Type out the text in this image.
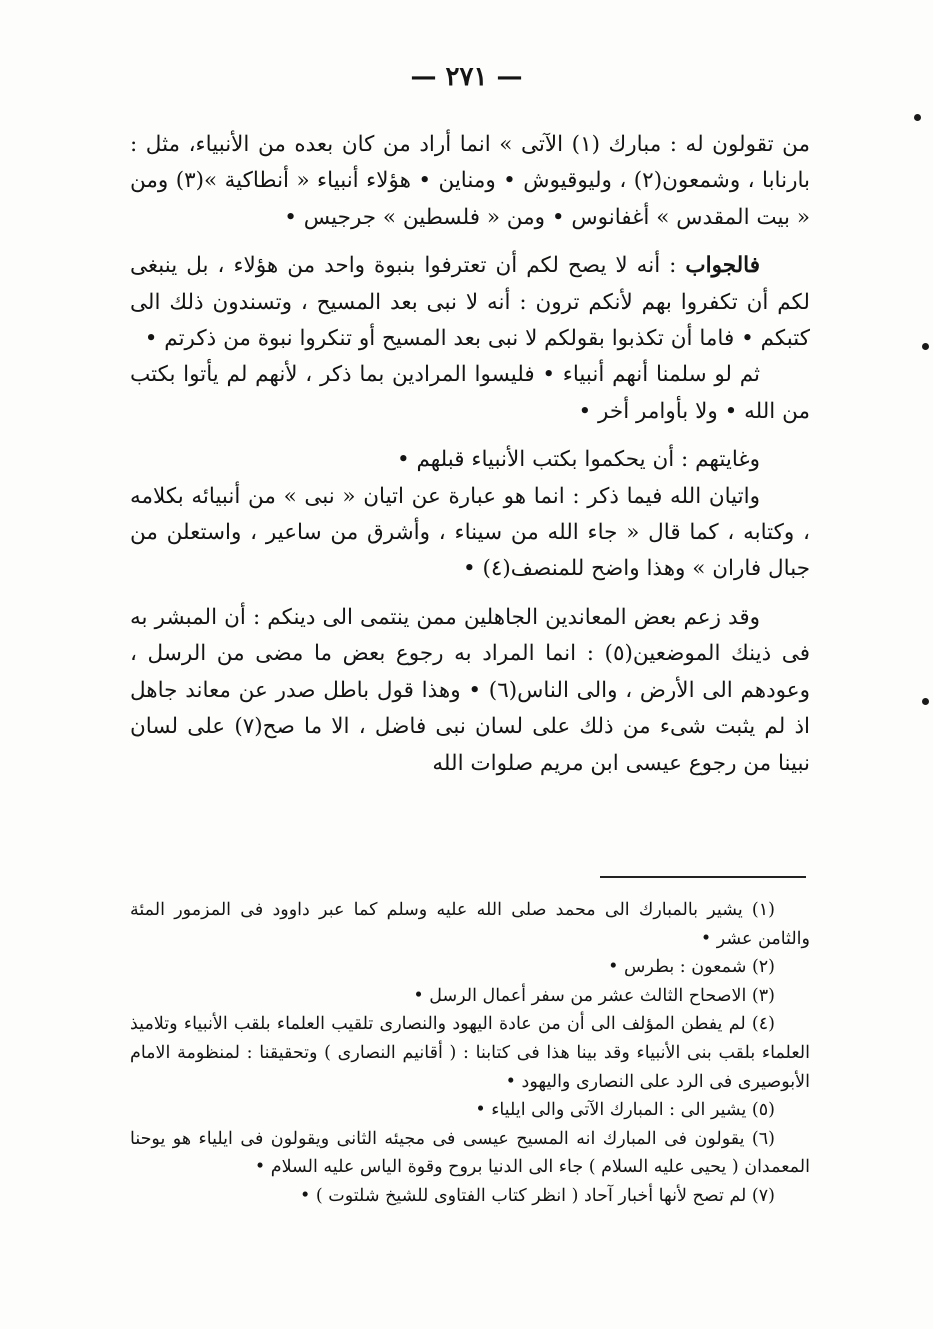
— ٢٧١ —

من تقولون له : مبارك (١) الآتى » انما أراد من كان بعده من الأنبياء، مثل : بارنابا ، وشمعون(٢) ، وليوقيوش • ومناين • هؤلاء أنبياء « أنطاكية »(٣) ومن « بيت المقدس » أغفانوس • ومن « فلسطين » جرجيس •

فالجواب : أنه لا يصح لكم أن تعترفوا بنبوة واحد من هؤلاء ، بل ينبغى لكم أن تكفروا بهم لأنكم ترون : أنه لا نبى بعد المسيح ، وتسندون ذلك الى كتبكم • فاما أن تكذبوا بقولكم لا نبى بعد المسيح أو تنكروا نبوة من ذكرتم •

ثم لو سلمنا أنهم أنبياء • فليسوا المرادين بما ذكر ، لأنهم لم يأتوا بكتب من الله • ولا بأوامر أخر •

وغايتهم : أن يحكموا بكتب الأنبياء قبلهم •

واتيان الله فيما ذكر : انما هو عبارة عن اتيان « نبى » من أنبيائه بكلامه ، وكتابه ، كما قال « جاء الله من سيناء ، وأشرق من ساعير ، واستعلن من جبال فاران » وهذا واضح للمنصف(٤) •

وقد زعم بعض المعاندين الجاهلين ممن ينتمى الى دينكم : أن المبشر به فى ذينك الموضعين(٥) : انما المراد به رجوع بعض ما مضى من الرسل ، وعودهم الى الأرض ، والى الناس(٦) • وهذا قول باطل صدر عن معاند جاهل اذ لم يثبت شىء من ذلك على لسان نبى فاضل ، الا ما صح(٧) على لسان نبينا من رجوع عيسى ابن مريم صلوات الله

(١) يشير بالمبارك الى محمد صلى الله عليه وسلم كما عبر داوود فى المزمور المئة والثامن عشر •

(٢) شمعون : بطرس •

(٣) الاصحاح الثالث عشر من سفر أعمال الرسل •

(٤) لم يفطن المؤلف الى أن من عادة اليهود والنصارى تلقيب العلماء بلقب الأنبياء وتلاميذ العلماء بلقب بنى الأنبياء وقد بينا هذا فى كتابنا : ( أقانيم النصارى ) وتحقيقنا : لمنظومة الامام الأبوصيرى فى الرد على النصارى واليهود •

(٥) يشير الى : المبارك الآتى والى ايلياء •

(٦) يقولون فى المبارك انه المسيح عيسى فى مجيئه الثانى ويقولون فى ايلياء هو يوحنا المعمدان ( يحيى عليه السلام ) جاء الى الدنيا بروح وقوة الياس عليه السلام •

(٧) لم تصح لأنها أخبار آحاد ( انظر كتاب الفتاوى للشيخ شلتوت ) •
